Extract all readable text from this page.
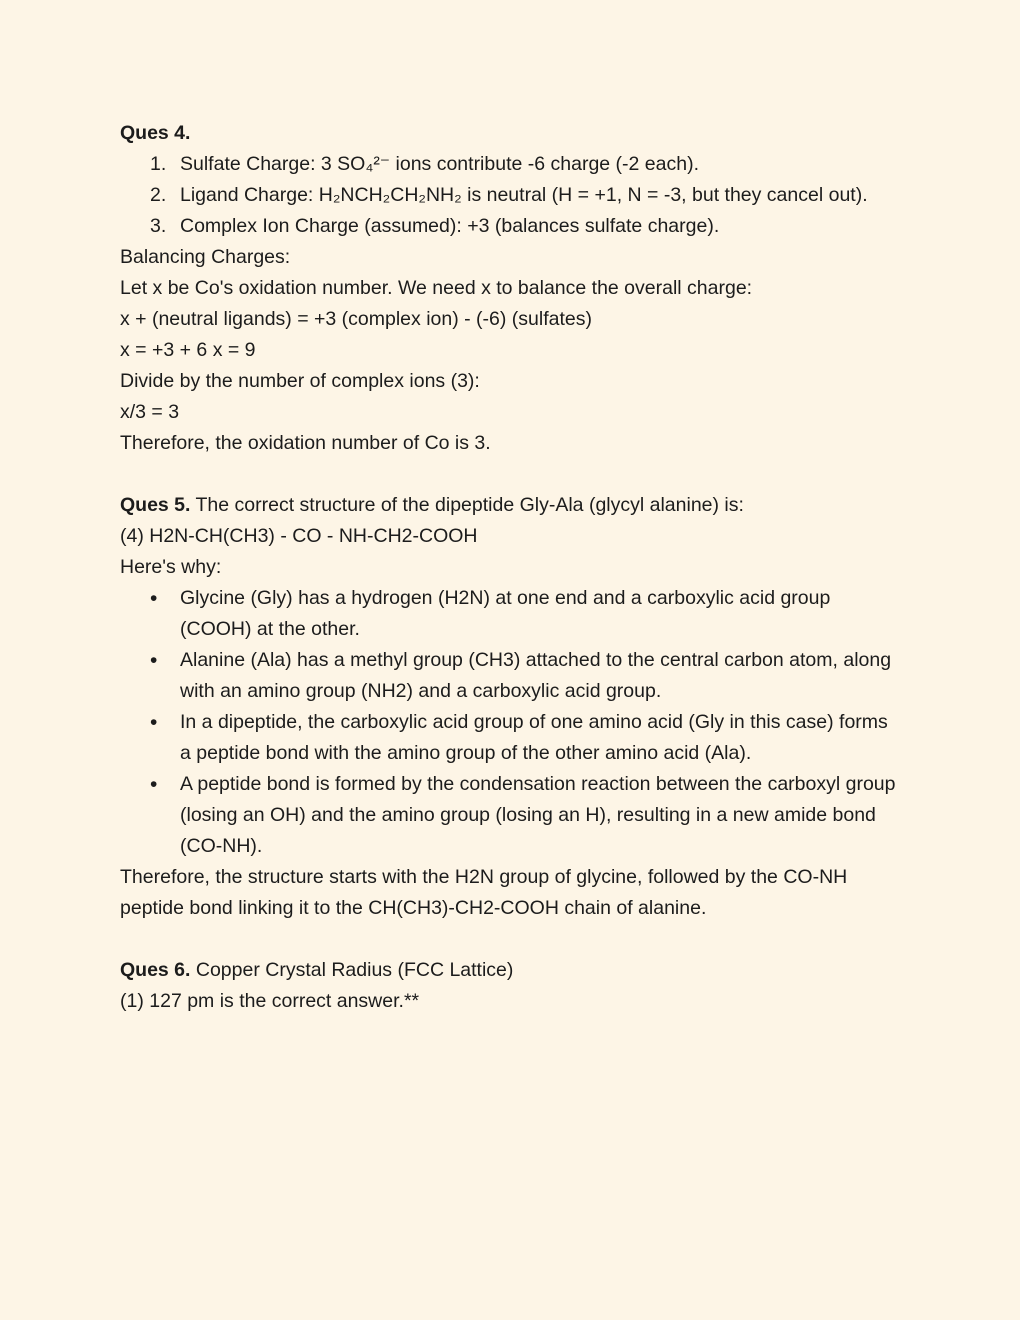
Ques 4.

1. Sulfate Charge: 3 SO₄²⁻ ions contribute -6 charge (-2 each).
2. Ligand Charge: H₂NCH₂CH₂NH₂ is neutral (H = +1, N = -3, but they cancel out).
3. Complex Ion Charge (assumed): +3 (balances sulfate charge).

Balancing Charges:

Let x be Co's oxidation number. We need x to balance the overall charge:

x + (neutral ligands) = +3 (complex ion) - (-6) (sulfates)

x = +3 + 6 x = 9

Divide by the number of complex ions (3):

x/3 = 3

Therefore, the oxidation number of Co is 3.

Ques 5. The correct structure of the dipeptide Gly-Ala (glycyl alanine) is:

(4) H2N-CH(CH3) - CO - NH-CH2-COOH

Here's why:

•	Glycine (Gly) has a hydrogen (H2N) at one end and a carboxylic acid group (COOH) at the other.
•	Alanine (Ala) has a methyl group (CH3) attached to the central carbon atom, along with an amino group (NH2) and a carboxylic acid group.
•	In a dipeptide, the carboxylic acid group of one amino acid (Gly in this case) forms a peptide bond with the amino group of the other amino acid (Ala).
•	A peptide bond is formed by the condensation reaction between the carboxyl group (losing an OH) and the amino group (losing an H), resulting in a new amide bond (CO-NH).

Therefore, the structure starts with the H2N group of glycine, followed by the CO-NH peptide bond linking it to the CH(CH3)-CH2-COOH chain of alanine.

Ques 6. Copper Crystal Radius (FCC Lattice)

(1) 127 pm is the correct answer.**
